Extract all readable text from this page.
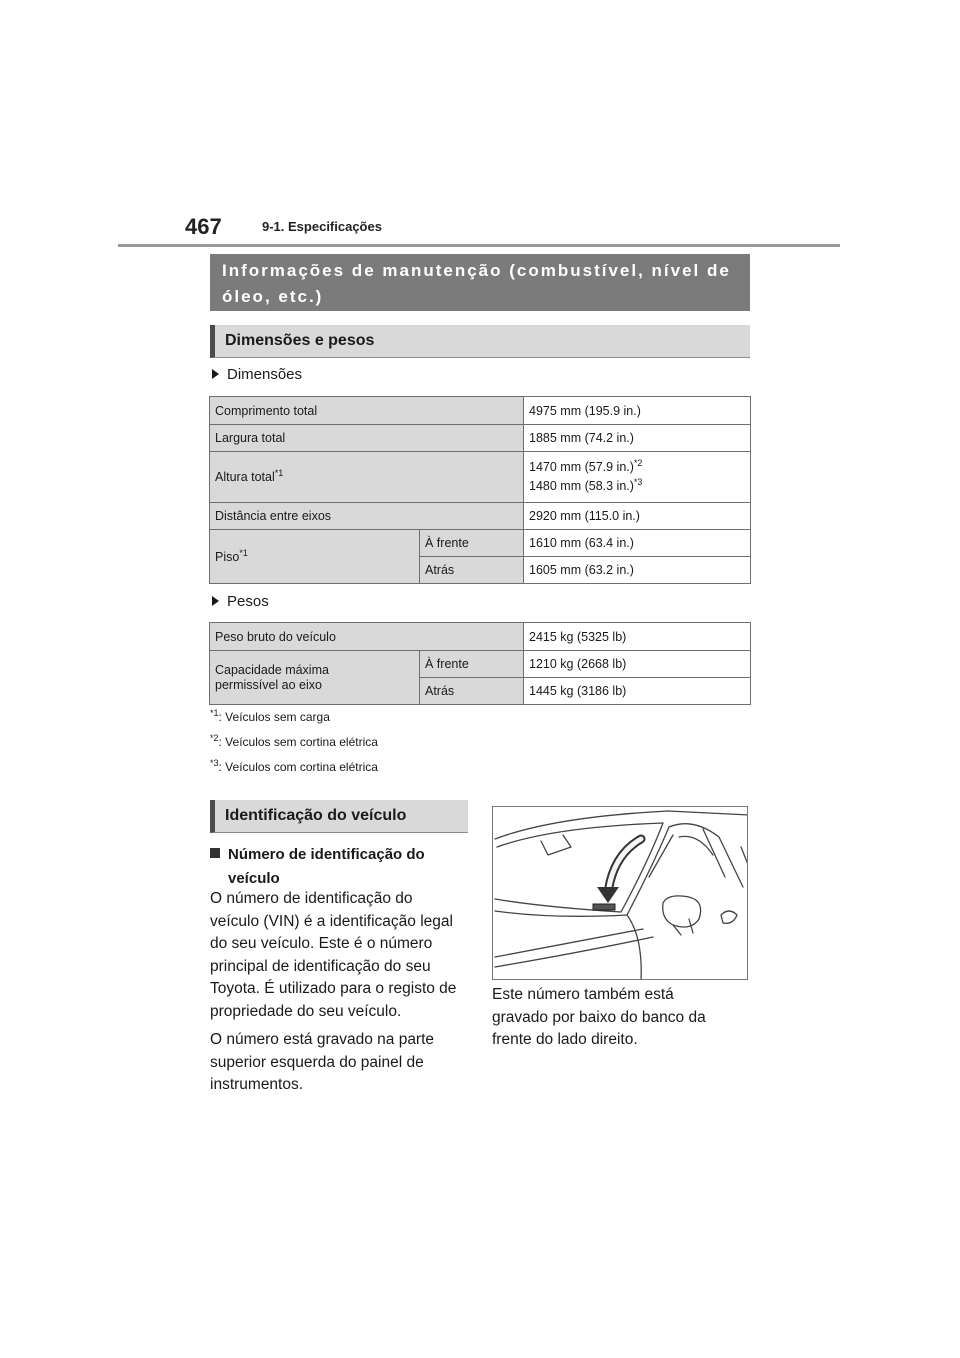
467	9-1. Especificações
Informações de manutenção (combustível, nível de
óleo, etc.)
Dimensões e pesos
Dimensões
Comprimento total		4975 mm (195.9 in.)
Largura total		1885 mm (74.2 in.)
Altura total$^{*1}$		1470 mm (57.9 in.)$^{*2}$
1480 mm (58.3 in.)$^{*3}$
Distância entre eixos		2920 mm (115.0 in.)
Piso$^{*1}$	À frente	1610 mm (63.4 in.)
	Atrás	1605 mm (63.2 in.)
Pesos
Peso bruto do veículo		2415 kg (5325 lb)
Capacidade máxima
permissível ao eixo	À frente	1210 kg (2668 lb)
	Atrás	1445 kg (3186 lb)
$^{*1}$: Veículos sem carga
$^{*2}$: Veículos sem cortina elétrica
$^{*3}$: Veículos com cortina elétrica
Identificação do veículo
Número de identificação do
veículo
O número de identificação do
veículo (VIN) é a identificação legal
do seu veículo. Este é o número
principal de identificação do seu
Toyota. É utilizado para o registo de
propriedade do seu veículo.
O número está gravado na parte
superior esquerda do painel de
instrumentos.
Este número também está
gravado por baixo do banco da
frente do lado direito.
